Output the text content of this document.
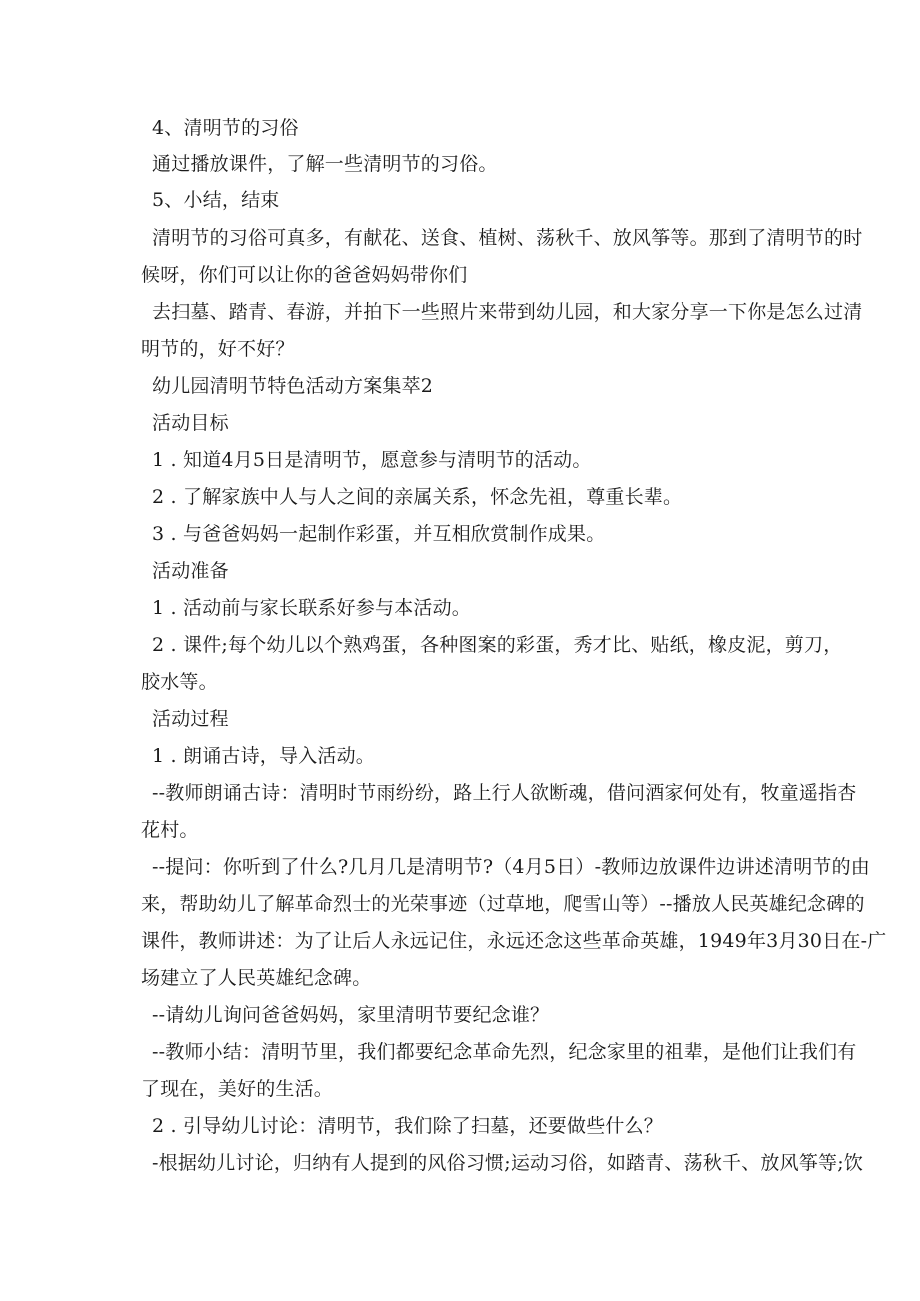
4、清明节的习俗
通过播放课件，了解一些清明节的习俗。
5、小结，结束
清明节的习俗可真多，有献花、送食、植树、荡秋千、放风筝等。那到了清明节的时
候呀，你们可以让你的爸爸妈妈带你们
去扫墓、踏青、春游，并拍下一些照片来带到幼儿园，和大家分享一下你是怎么过清
明节的，好不好？
幼儿园清明节特色活动方案集萃2
活动目标
1 . 知道4月5日是清明节，愿意参与清明节的活动。
2 . 了解家族中人与人之间的亲属关系，怀念先祖，尊重长辈。
3 . 与爸爸妈妈一起制作彩蛋，并互相欣赏制作成果。
活动准备
1 . 活动前与家长联系好参与本活动。
2 . 课件;每个幼儿以个熟鸡蛋，各种图案的彩蛋，秀才比、贴纸，橡皮泥，剪刀，
胶水等。
活动过程
1 . 朗诵古诗，导入活动。
--教师朗诵古诗：清明时节雨纷纷，路上行人欲断魂，借问酒家何处有，牧童遥指杏
花村。
--提问：你听到了什么?几月几是清明节?（4月5日）-教师边放课件边讲述清明节的由
来，帮助幼儿了解革命烈士的光荣事迹（过草地，爬雪山等）--播放人民英雄纪念碑的
课件，教师讲述：为了让后人永远记住，永远还念这些革命英雄，1949年3月30日在-广
场建立了人民英雄纪念碑。
--请幼儿询问爸爸妈妈，家里清明节要纪念谁？
--教师小结：清明节里，我们都要纪念革命先烈，纪念家里的祖辈，是他们让我们有
了现在，美好的生活。
2 . 引导幼儿讨论：清明节，我们除了扫墓，还要做些什么？
-根据幼儿讨论，归纳有人提到的风俗习惯;运动习俗，如踏青、荡秋千、放风筝等;饮
